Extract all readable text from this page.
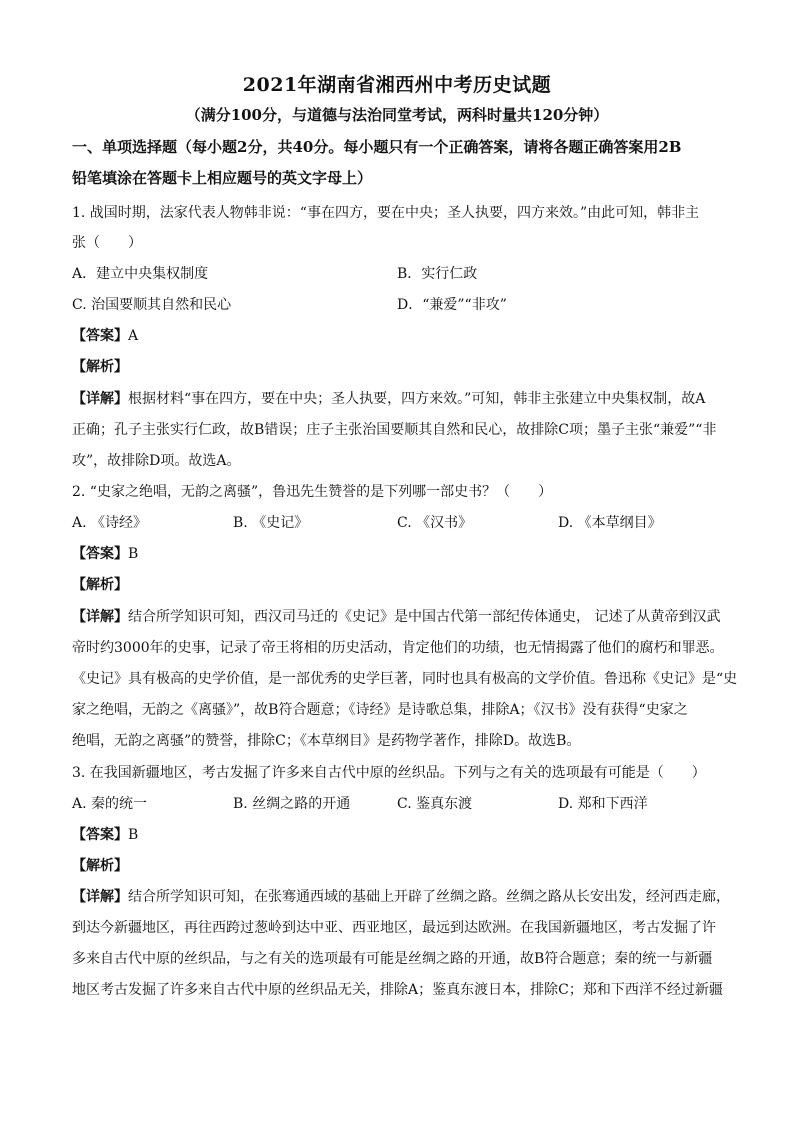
2021年湖南省湘西州中考历史试题
（满分100分，与道德与法治同堂考试，两科时量共120分钟）
一、单项选择题（每小题2分，共40分。每小题只有一个正确答案，请将各题正确答案用2B
铅笔填涂在答题卡上相应题号的英文字母上）
1. 战国时期，法家代表人物韩非说：“事在四方，要在中央；圣人执要，四方来效。”由此可知，韩非主
张（　　）
A．建立中央集权制度	B．实行仁政
C. 治国要顺其自然和民心	D．“兼爱”“非攻”
【答案】A
【解析】
【详解】根据材料“事在四方，要在中央；圣人执要，四方来效。”可知，韩非主张建立中央集权制，故A
正确；孔子主张实行仁政，故B错误；庄子主张治国要顺其自然和民心，故排除C项；墨子主张“兼爱”“非
攻”，故排除D项。故选A。
2. “史家之绝唱，无韵之离骚”，鲁迅先生赞誉的是下列哪一部史书？（　　）
A. 《诗经》	B. 《史记》	C. 《汉书》	D. 《本草纲目》
【答案】B
【解析】
【详解】结合所学知识可知，西汉司马迁的《史记》是中国古代第一部纪传体通史， 记述了从黄帝到汉武
帝时约3000年的史事，记录了帝王将相的历史活动，肯定他们的功绩，也无情揭露了他们的腐朽和罪恶。
《史记》具有极高的史学价值，是一部优秀的史学巨著，同时也具有极高的文学价值。鲁迅称《史记》是“史
家之绝唱，无韵之《离骚》”，故B符合题意；《诗经》是诗歌总集，排除A；《汉书》没有获得“史家之
绝唱，无韵之离骚”的赞誉，排除C；《本草纲目》是药物学著作，排除D。故选B。
3. 在我国新疆地区，考古发掘了许多来自古代中原的丝织品。下列与之有关的选项最有可能是（　　）
A. 秦的统一	B. 丝绸之路的开通	C. 鉴真东渡	D. 郑和下西洋
【答案】B
【解析】
【详解】结合所学知识可知，在张骞通西域的基础上开辟了丝绸之路。丝绸之路从长安出发，经河西走廊，
到达今新疆地区，再往西跨过葱岭到达中亚、西亚地区，最远到达欧洲。在我国新疆地区，考古发掘了许
多来自古代中原的丝织品，与之有关的选项最有可能是丝绸之路的开通，故B符合题意；秦的统一与新疆
地区考古发掘了许多来自古代中原的丝织品无关，排除A；鉴真东渡日本，排除C；郑和下西洋不经过新疆
